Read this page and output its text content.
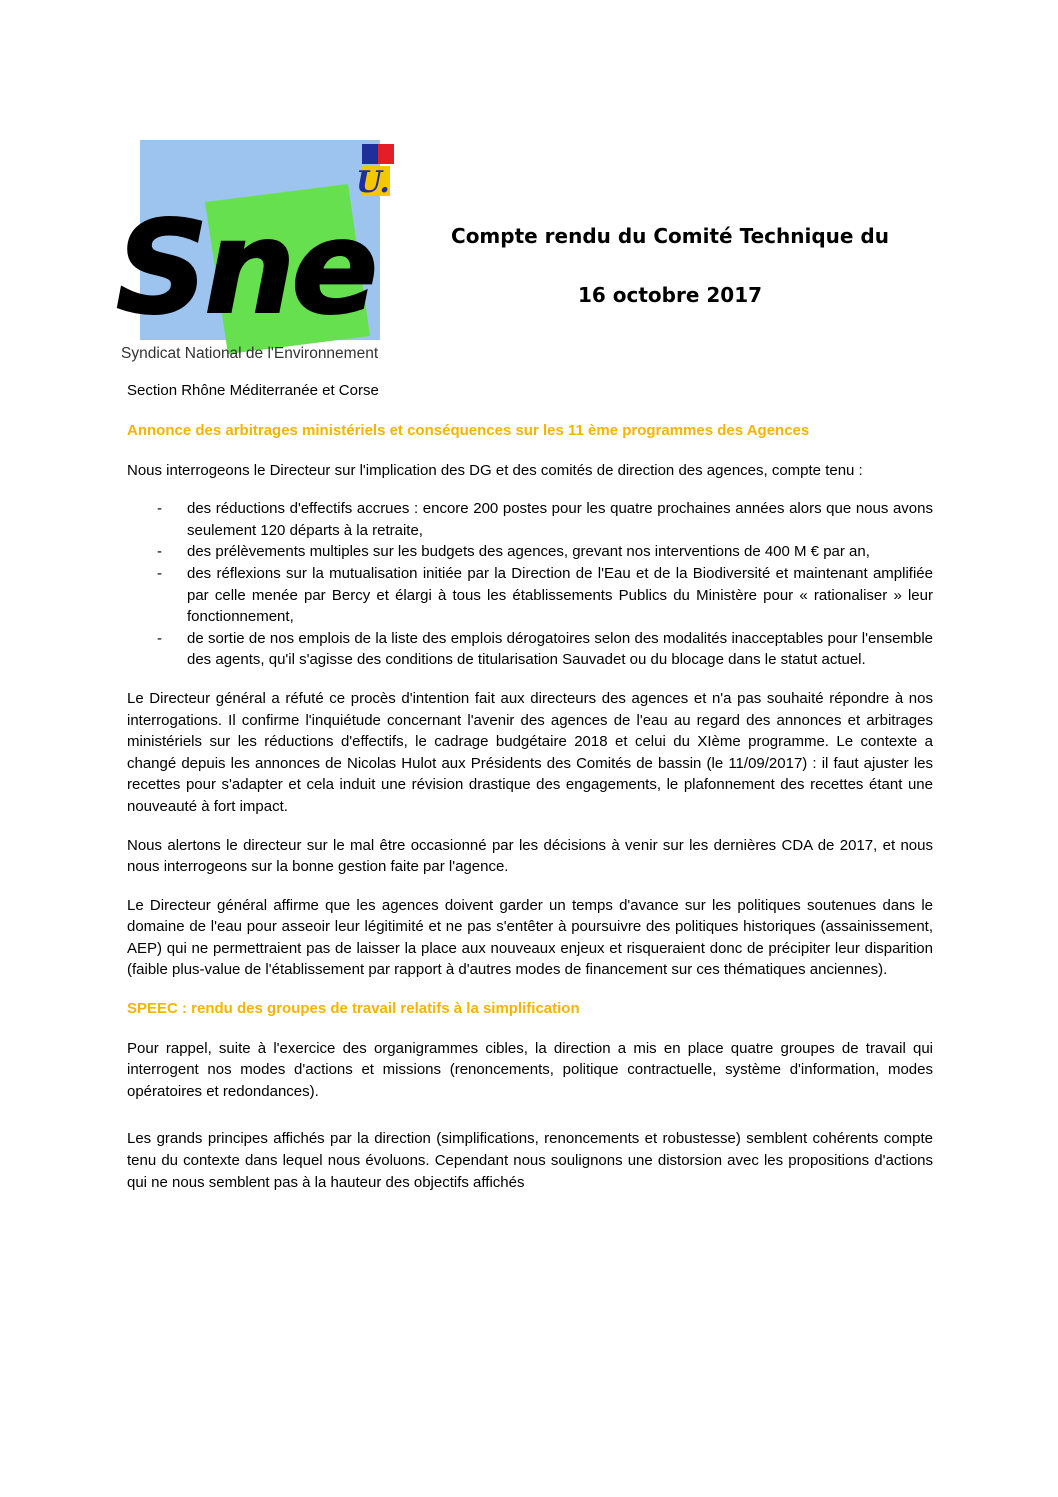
U.
Sne
Syndicat National de l'Environnement
Compte rendu du Comité Technique du
16 octobre 2017
Section Rhône Méditerranée et Corse
Annonce des arbitrages ministériels et conséquences sur les 11 ème programmes des Agences

Nous interrogeons le Directeur sur l'implication des DG et des comités de direction des agences, compte tenu :

- des réductions d'effectifs accrues : encore 200 postes pour les quatre prochaines années alors que nous avons seulement 120 départs à la retraite,
- des prélèvements multiples sur les budgets des agences, grevant nos interventions de 400 M € par an,
- des réflexions sur la mutualisation initiée par la Direction de l'Eau et de la Biodiversité et maintenant amplifiée par celle menée par Bercy et élargi à tous les établissements Publics du Ministère pour « rationaliser » leur fonctionnement,
- de sortie de nos emplois de la liste des emplois dérogatoires selon des modalités inacceptables pour l'ensemble des agents, qu'il s'agisse des conditions de titularisation Sauvadet ou du blocage dans le statut actuel.

Le Directeur général a réfuté ce procès d'intention fait aux directeurs des agences et n'a pas souhaité répondre à nos interrogations. Il confirme l'inquiétude concernant l'avenir des agences de l'eau au regard des annonces et arbitrages ministériels sur les réductions d'effectifs, le cadrage budgétaire 2018 et celui du XIème programme. Le contexte a changé depuis les annonces de Nicolas Hulot aux Présidents des Comités de bassin (le 11/09/2017) : il faut ajuster les recettes pour s'adapter et cela induit une révision drastique des engagements, le plafonnement des recettes étant une nouveauté à fort impact.

Nous alertons le directeur sur le mal être occasionné par les décisions à venir sur les dernières CDA de 2017, et nous nous interrogeons sur la bonne gestion faite par l'agence.

Le Directeur général affirme que les agences doivent garder un temps d'avance sur les politiques soutenues dans le domaine de l'eau pour asseoir leur légitimité et ne pas s'entêter à poursuivre des politiques historiques (assainissement, AEP) qui ne permettraient pas de laisser la place aux nouveaux enjeux et risqueraient donc de précipiter leur disparition (faible plus-value de l'établissement par rapport à d'autres modes de financement sur ces thématiques anciennes).

SPEEC : rendu des groupes de travail relatifs à la simplification

Pour rappel, suite à l'exercice des organigrammes cibles, la direction a mis en place quatre groupes de travail qui interrogent nos modes d'actions et missions (renoncements, politique contractuelle, système d'information, modes opératoires et redondances).

Les grands principes affichés par la direction (simplifications, renoncements et robustesse) semblent cohérents compte tenu du contexte dans lequel nous évoluons. Cependant nous soulignons une distorsion avec les propositions d'actions qui ne nous semblent pas à la hauteur des objectifs affichés
